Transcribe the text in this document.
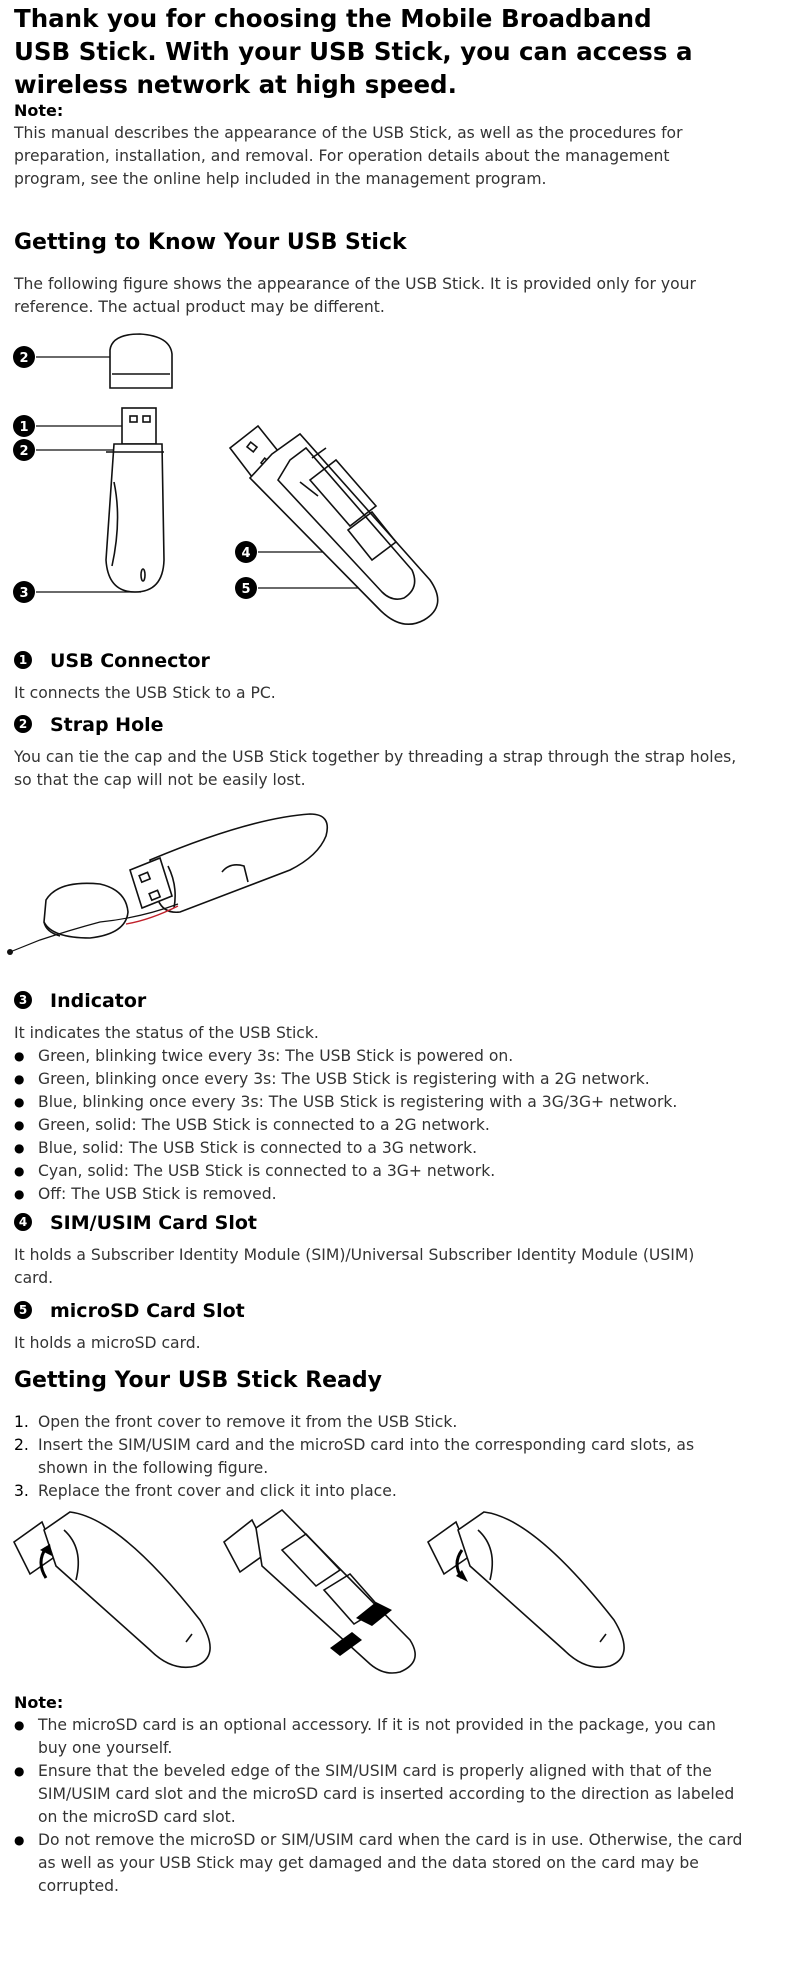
Thank you for choosing the Mobile Broadband USB Stick. With your USB Stick, you can access a wireless network at high speed.
Note:
This manual describes the appearance of the USB Stick, as well as the procedures for preparation, installation, and removal. For operation details about the management program, see the online help included in the management program.
Getting to Know Your USB Stick
The following figure shows the appearance of the USB Stick. It is provided only for your reference. The actual product may be different.
2
1
2
3
4
5
1 USB Connector
It connects the USB Stick to a PC.
2 Strap Hole
You can tie the cap and the USB Stick together by threading a strap through the strap holes, so that the cap will not be easily lost.
3 Indicator
It indicates the status of the USB Stick.
● Green, blinking twice every 3s: The USB Stick is powered on.
● Green, blinking once every 3s: The USB Stick is registering with a 2G network.
● Blue, blinking once every 3s: The USB Stick is registering with a 3G/3G+ network.
● Green, solid: The USB Stick is connected to a 2G network.
● Blue, solid: The USB Stick is connected to a 3G network.
● Cyan, solid: The USB Stick is connected to a 3G+ network.
● Off: The USB Stick is removed.
4 SIM/USIM Card Slot
It holds a Subscriber Identity Module (SIM)/Universal Subscriber Identity Module (USIM) card.
5 microSD Card Slot
It holds a microSD card.
Getting Your USB Stick Ready
1. Open the front cover to remove it from the USB Stick.
2. Insert the SIM/USIM card and the microSD card into the corresponding card slots, as shown in the following figure.
3. Replace the front cover and click it into place.
Note:
● The microSD card is an optional accessory. If it is not provided in the package, you can buy one yourself.
● Ensure that the beveled edge of the SIM/USIM card is properly aligned with that of the SIM/USIM card slot and the microSD card is inserted according to the direction as labeled on the microSD card slot.
● Do not remove the microSD or SIM/USIM card when the card is in use. Otherwise, the card as well as your USB Stick may get damaged and the data stored on the card may be corrupted.
